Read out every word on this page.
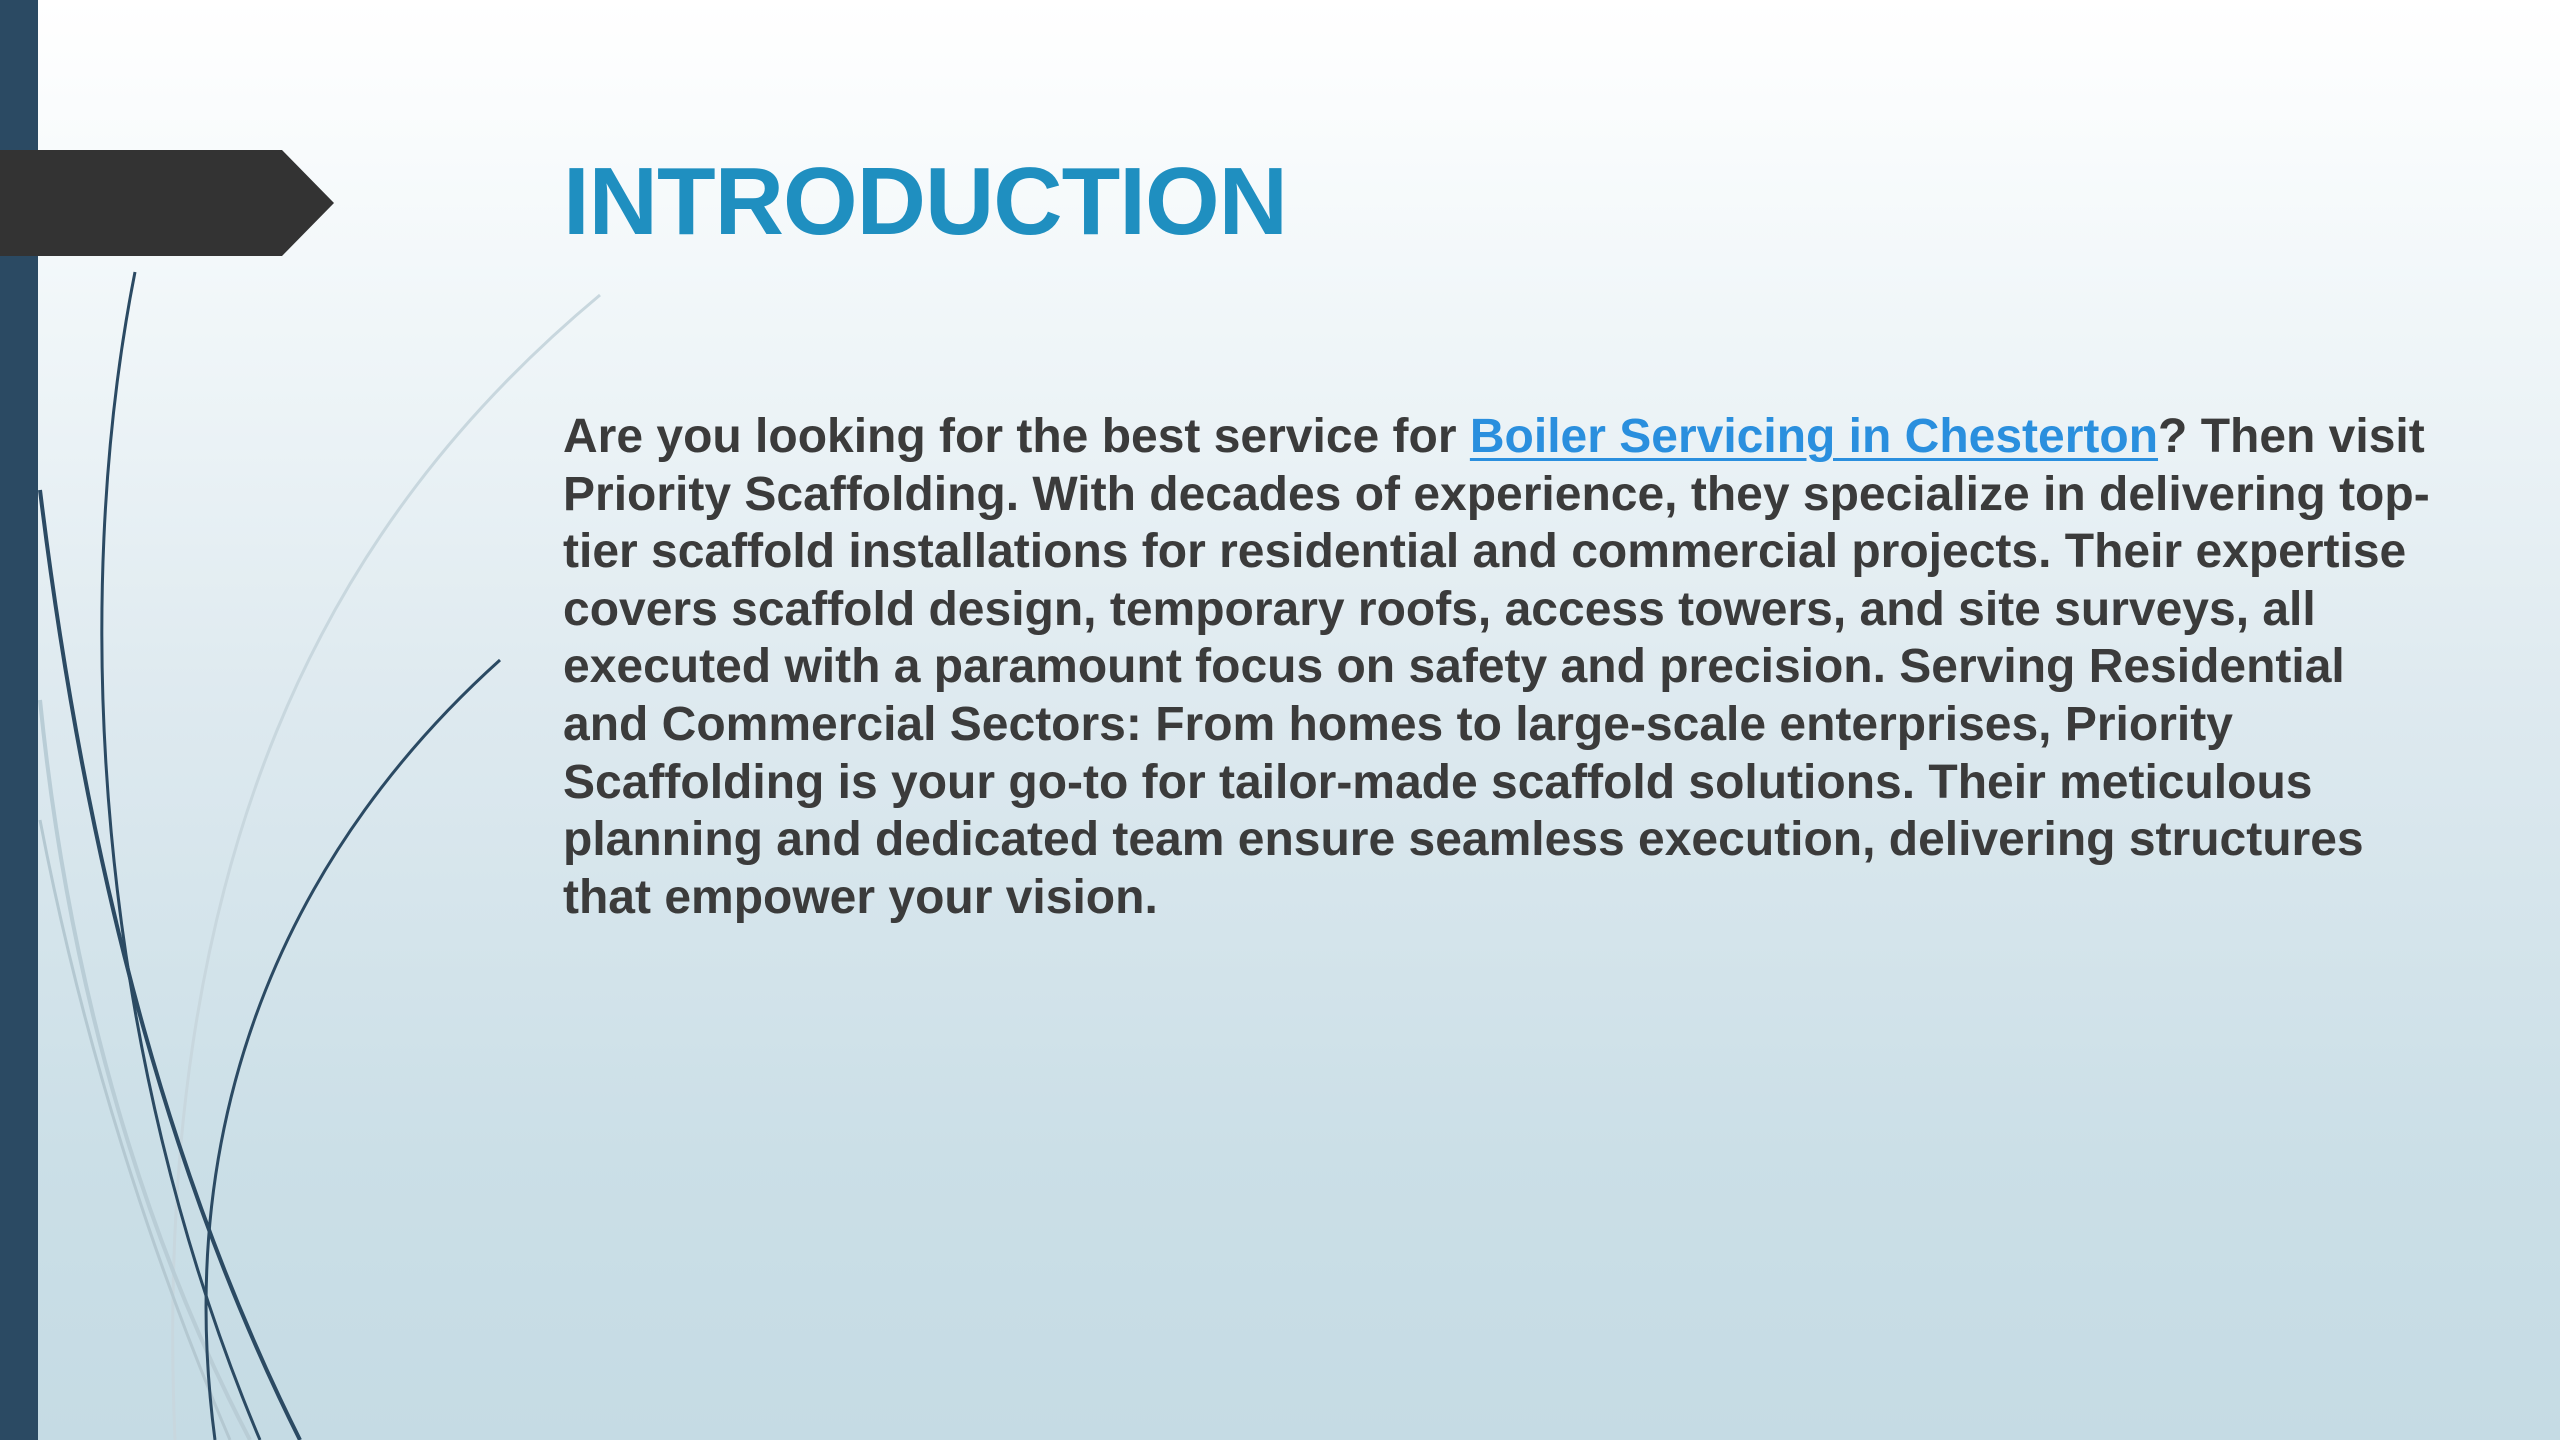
INTRODUCTION

Are you looking for the best service for Boiler Servicing in Chesterton? Then visit Priority Scaffolding. With decades of experience, they specialize in delivering top-tier scaffold installations for residential and commercial projects. Their expertise covers scaffold design, temporary roofs, access towers, and site surveys, all executed with a paramount focus on safety and precision. Serving Residential and Commercial Sectors: From homes to large-scale enterprises, Priority Scaffolding is your go-to for tailor-made scaffold solutions. Their meticulous planning and dedicated team ensure seamless execution, delivering structures that empower your vision.
